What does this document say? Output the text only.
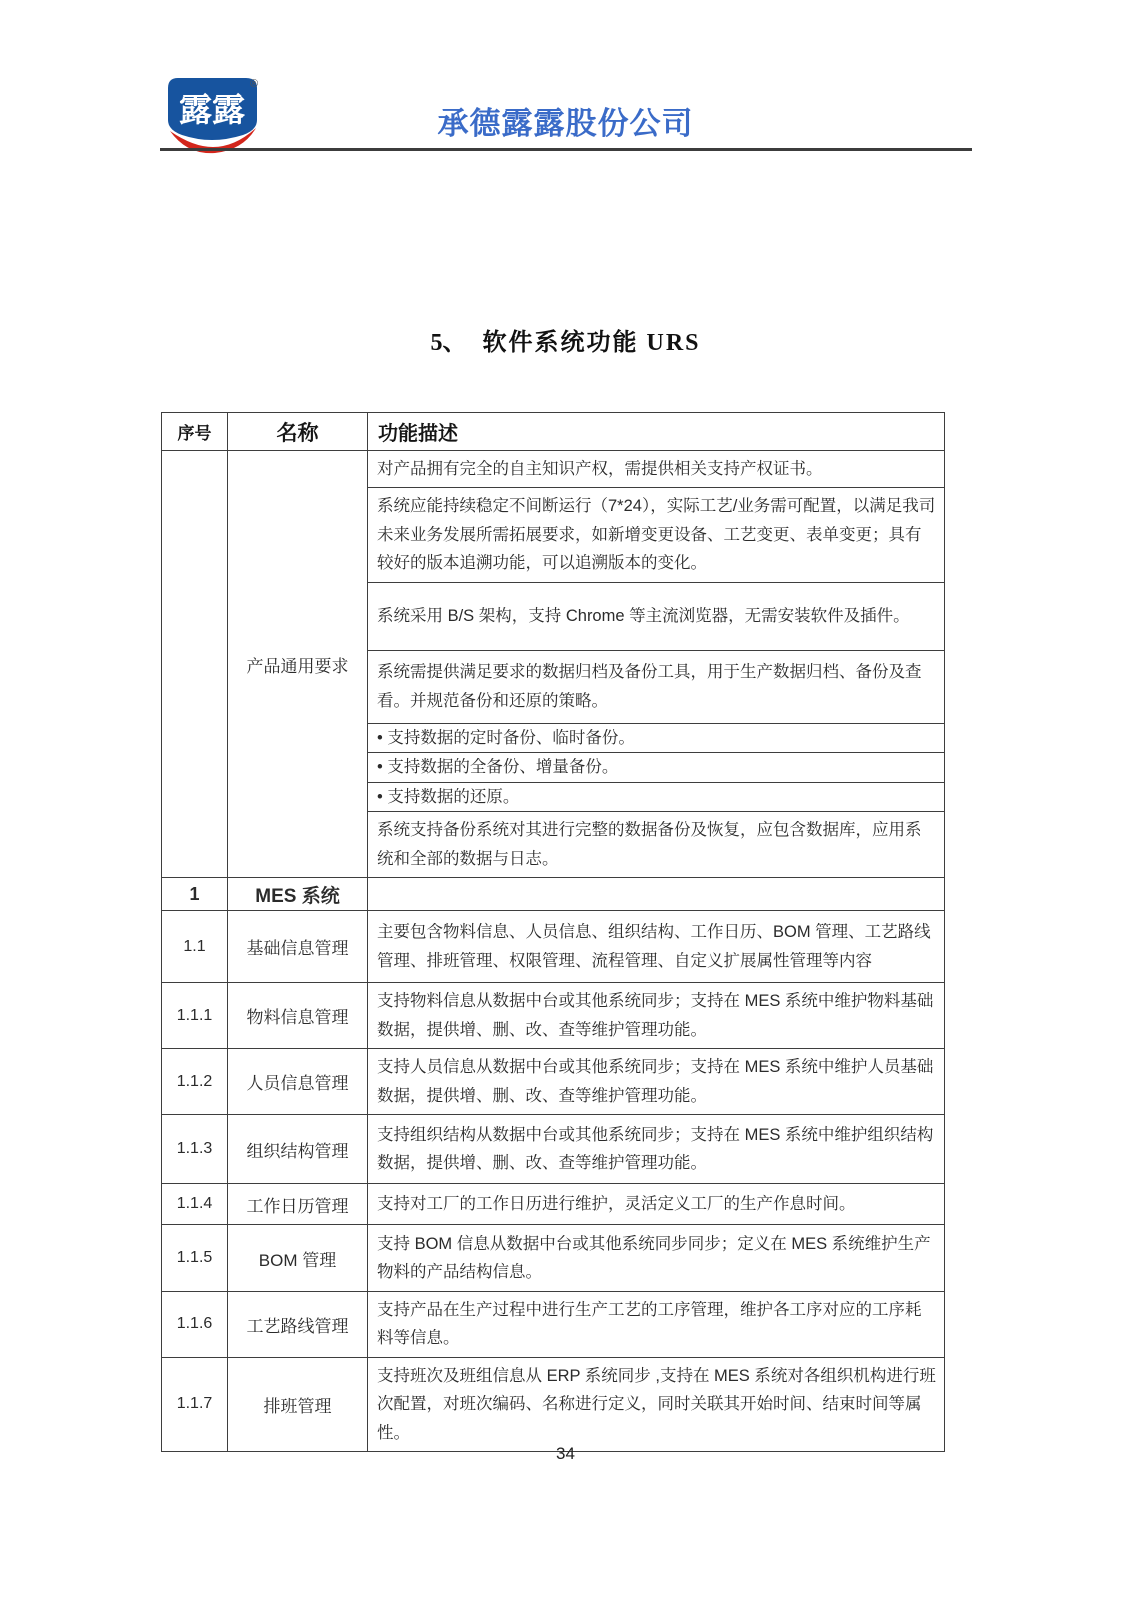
露露
®
承德露露股份公司
5、 软件系统功能 URS
序号	名称	功能描述
	产品通用要求	对产品拥有完全的自主知识产权，需提供相关支持产权证书。
		系统应能持续稳定不间断运行（7*24），实际工艺/业务需可配置，以满足我司未来业务发展所需拓展要求，如新增变更设备、工艺变更、表单变更；具有较好的版本追溯功能，可以追溯版本的变化。
		系统采用 B/S 架构，支持 Chrome 等主流浏览器，无需安装软件及插件。
		系统需提供满足要求的数据归档及备份工具，用于生产数据归档、备份及查看。并规范备份和还原的策略。
		• 支持数据的定时备份、临时备份。
		• 支持数据的全备份、增量备份。
		• 支持数据的还原。
		系统支持备份系统对其进行完整的数据备份及恢复，应包含数据库，应用系统和全部的数据与日志。
1	MES 系统	
1.1	基础信息管理	主要包含物料信息、人员信息、组织结构、工作日历、BOM 管理、工艺路线管理、排班管理、权限管理、流程管理、自定义扩展属性管理等内容
1.1.1	物料信息管理	支持物料信息从数据中台或其他系统同步；支持在 MES 系统中维护物料基础数据，提供增、删、改、查等维护管理功能。
1.1.2	人员信息管理	支持人员信息从数据中台或其他系统同步；支持在 MES 系统中维护人员基础数据，提供增、删、改、查等维护管理功能。
1.1.3	组织结构管理	支持组织结构从数据中台或其他系统同步；支持在 MES 系统中维护组织结构数据，提供增、删、改、查等维护管理功能。
1.1.4	工作日历管理	支持对工厂的工作日历进行维护，灵活定义工厂的生产作息时间。
1.1.5	BOM 管理	支持 BOM 信息从数据中台或其他系统同步同步；定义在 MES 系统维护生产物料的产品结构信息。
1.1.6	工艺路线管理	支持产品在生产过程中进行生产工艺的工序管理，维护各工序对应的工序耗料等信息。
1.1.7	排班管理	支持班次及班组信息从 ERP 系统同步 ,支持在 MES 系统对各组织机构进行班次配置，对班次编码、名称进行定义，同时关联其开始时间、结束时间等属性。
34
